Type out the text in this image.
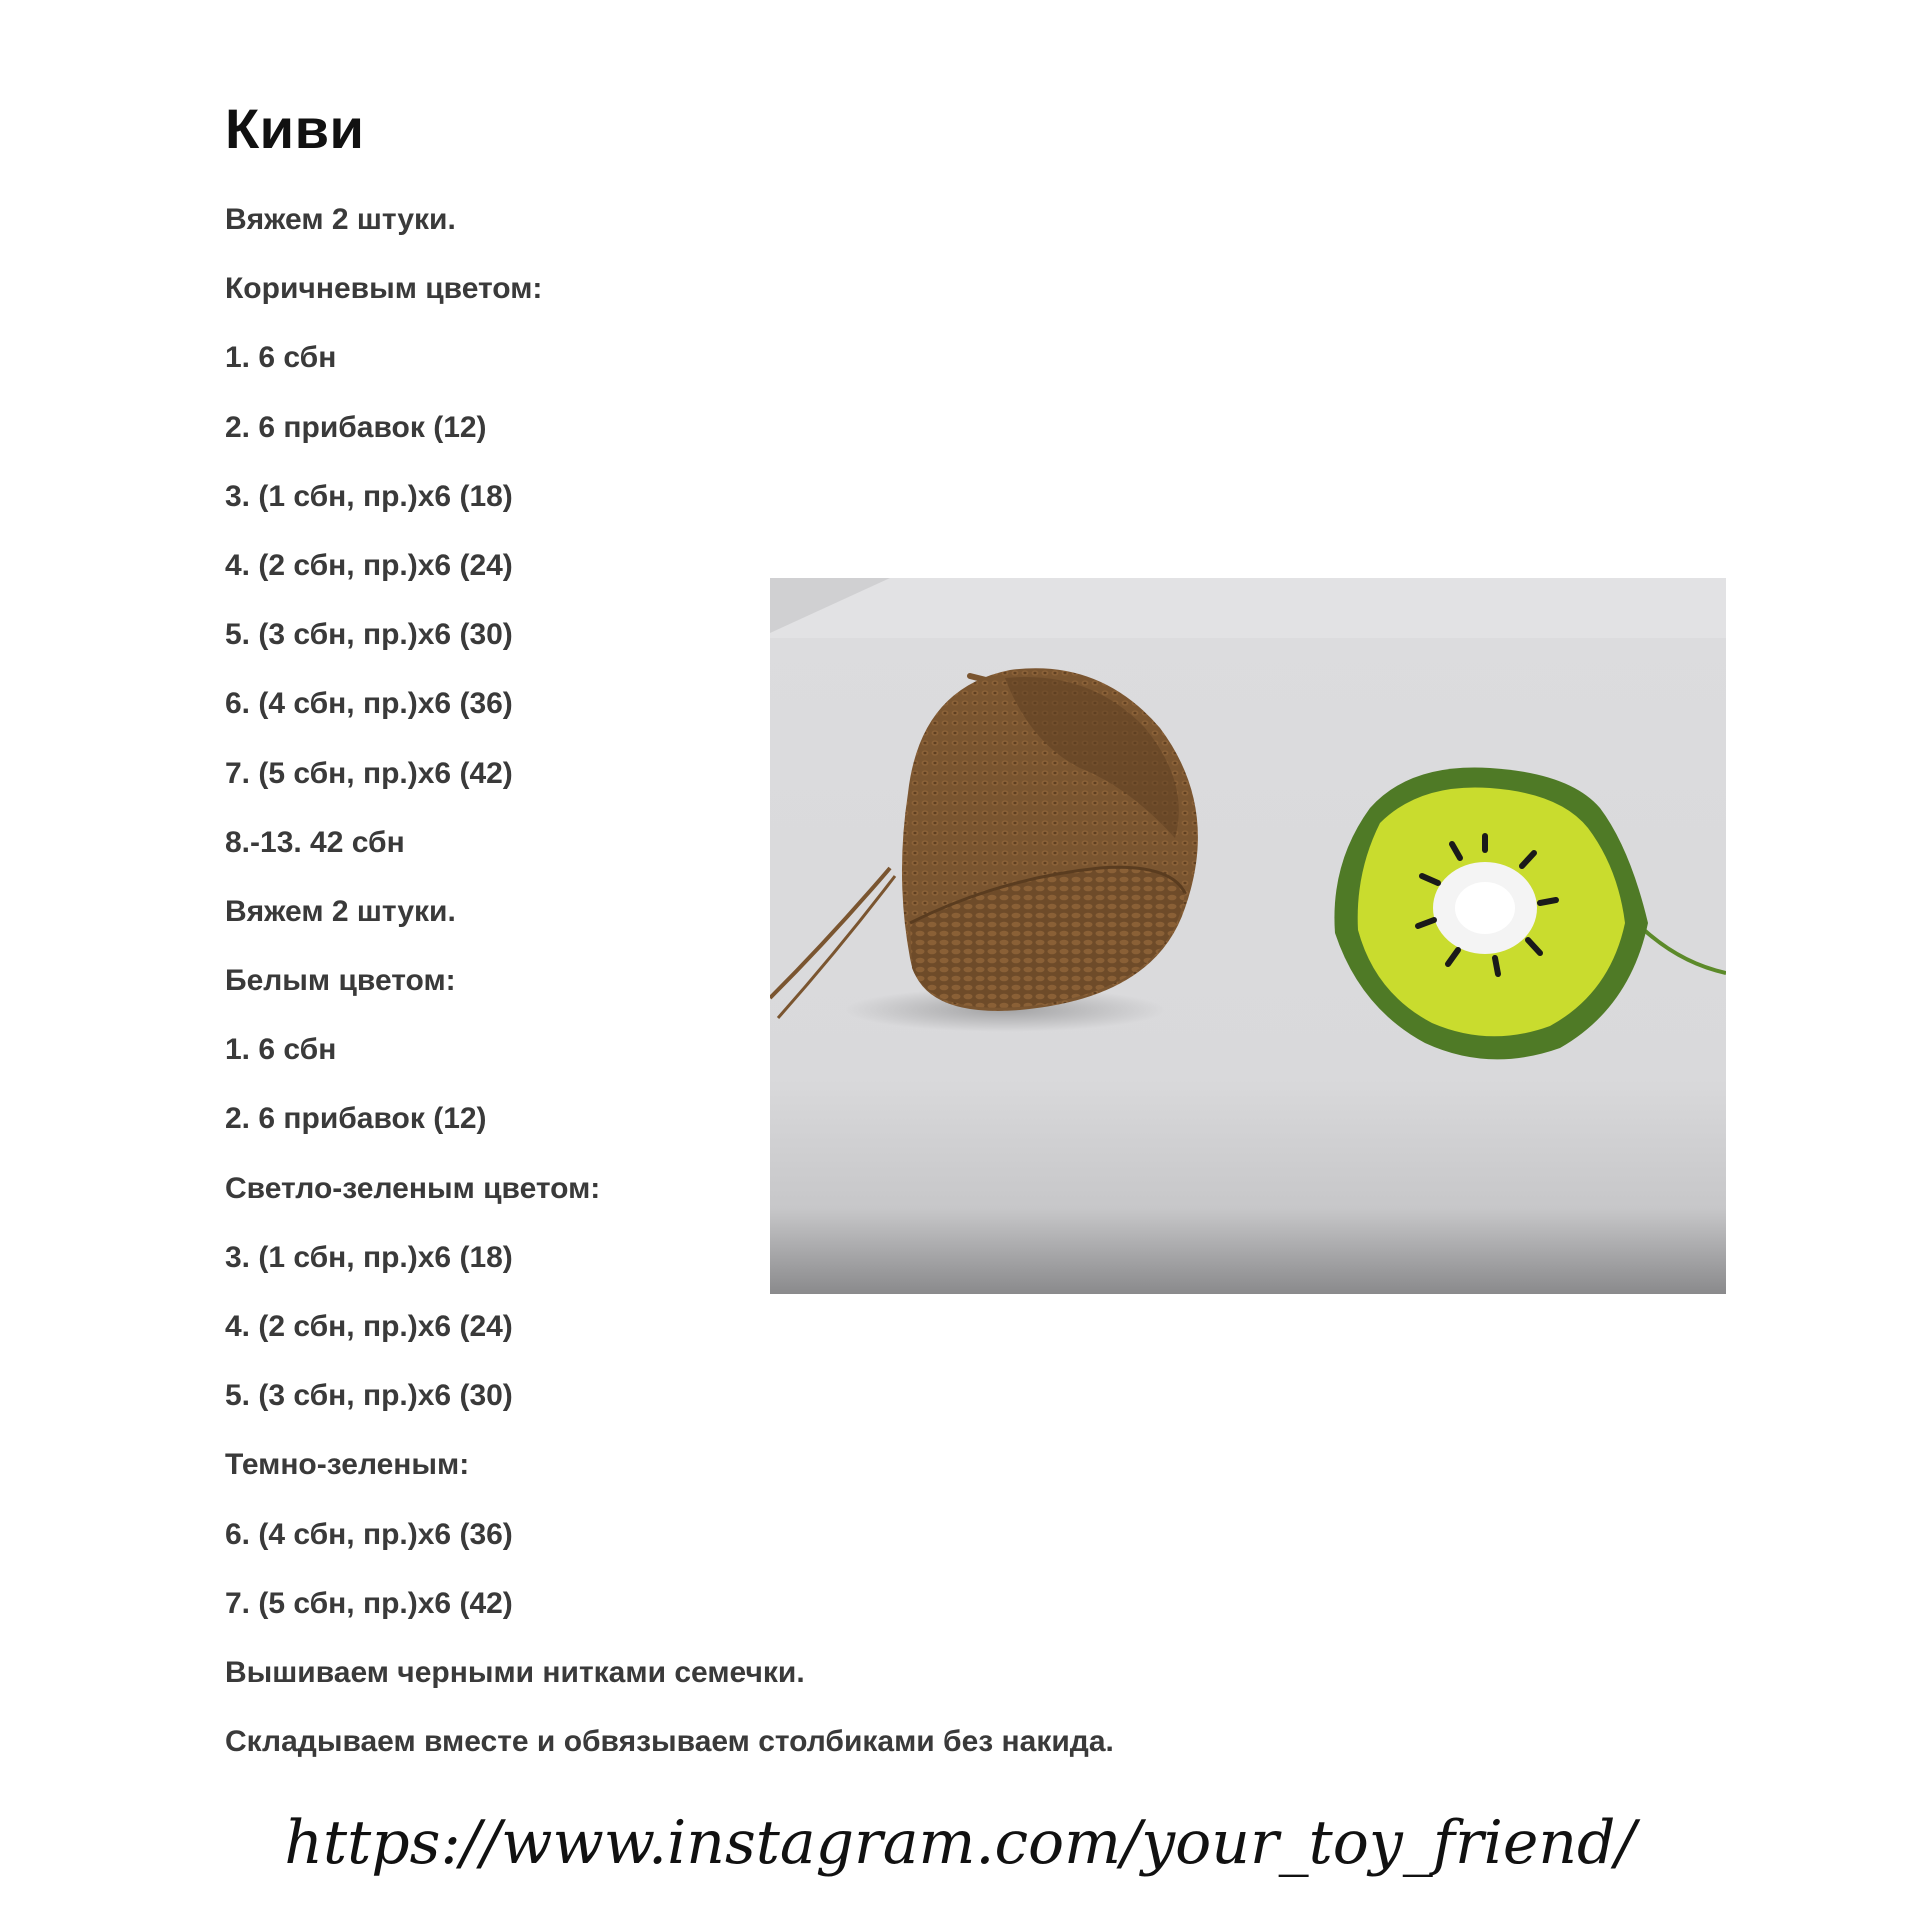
Киви
Вяжем 2 штуки.
Коричневым цветом:
1. 6 сбн
2. 6 прибавок (12)
3. (1 сбн, пр.)х6 (18)
4. (2 сбн, пр.)х6 (24)
5. (3 сбн, пр.)х6 (30)
6. (4 сбн, пр.)х6 (36)
7. (5 сбн, пр.)х6 (42)
8.-13. 42 сбн
Вяжем 2 штуки.
Белым цветом:
1. 6 сбн
2. 6 прибавок (12)
Светло-зеленым цветом:
3. (1 сбн, пр.)х6 (18)
4. (2 сбн, пр.)х6 (24)
5. (3 сбн, пр.)х6 (30)
Темно-зеленым:
6. (4 сбн, пр.)х6 (36)
7. (5 сбн, пр.)х6 (42)
Вышиваем черными нитками семечки.
Складываем вместе и обвязываем столбиками без накида.
https://www.instagram.com/your_toy_friend/
